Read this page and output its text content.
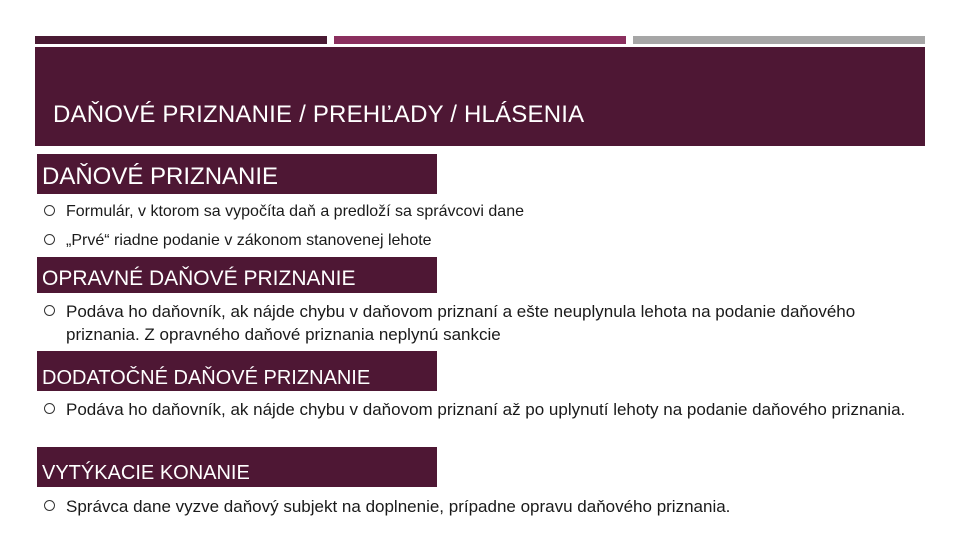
DAŇOVÉ PRIZNANIE / PREHĽADY / HLÁSENIA
DAŇOVÉ PRIZNANIE
Formulár, v ktorom sa vypočíta daň a predloží sa správcovi dane
„Prvé“ riadne podanie v zákonom stanovenej lehote
OPRAVNÉ DAŇOVÉ PRIZNANIE
Podáva ho daňovník, ak nájde chybu v daňovom priznaní a ešte neuplynula lehota na podanie daňového priznania. Z opravného daňové priznania neplynú sankcie
DODATOČNÉ DAŇOVÉ PRIZNANIE
Podáva ho daňovník, ak nájde chybu v daňovom priznaní až po uplynutí lehoty na podanie daňového priznania.
VYTÝKACIE KONANIE
Správca dane vyzve daňový subjekt na doplnenie, prípadne opravu daňového priznania.
